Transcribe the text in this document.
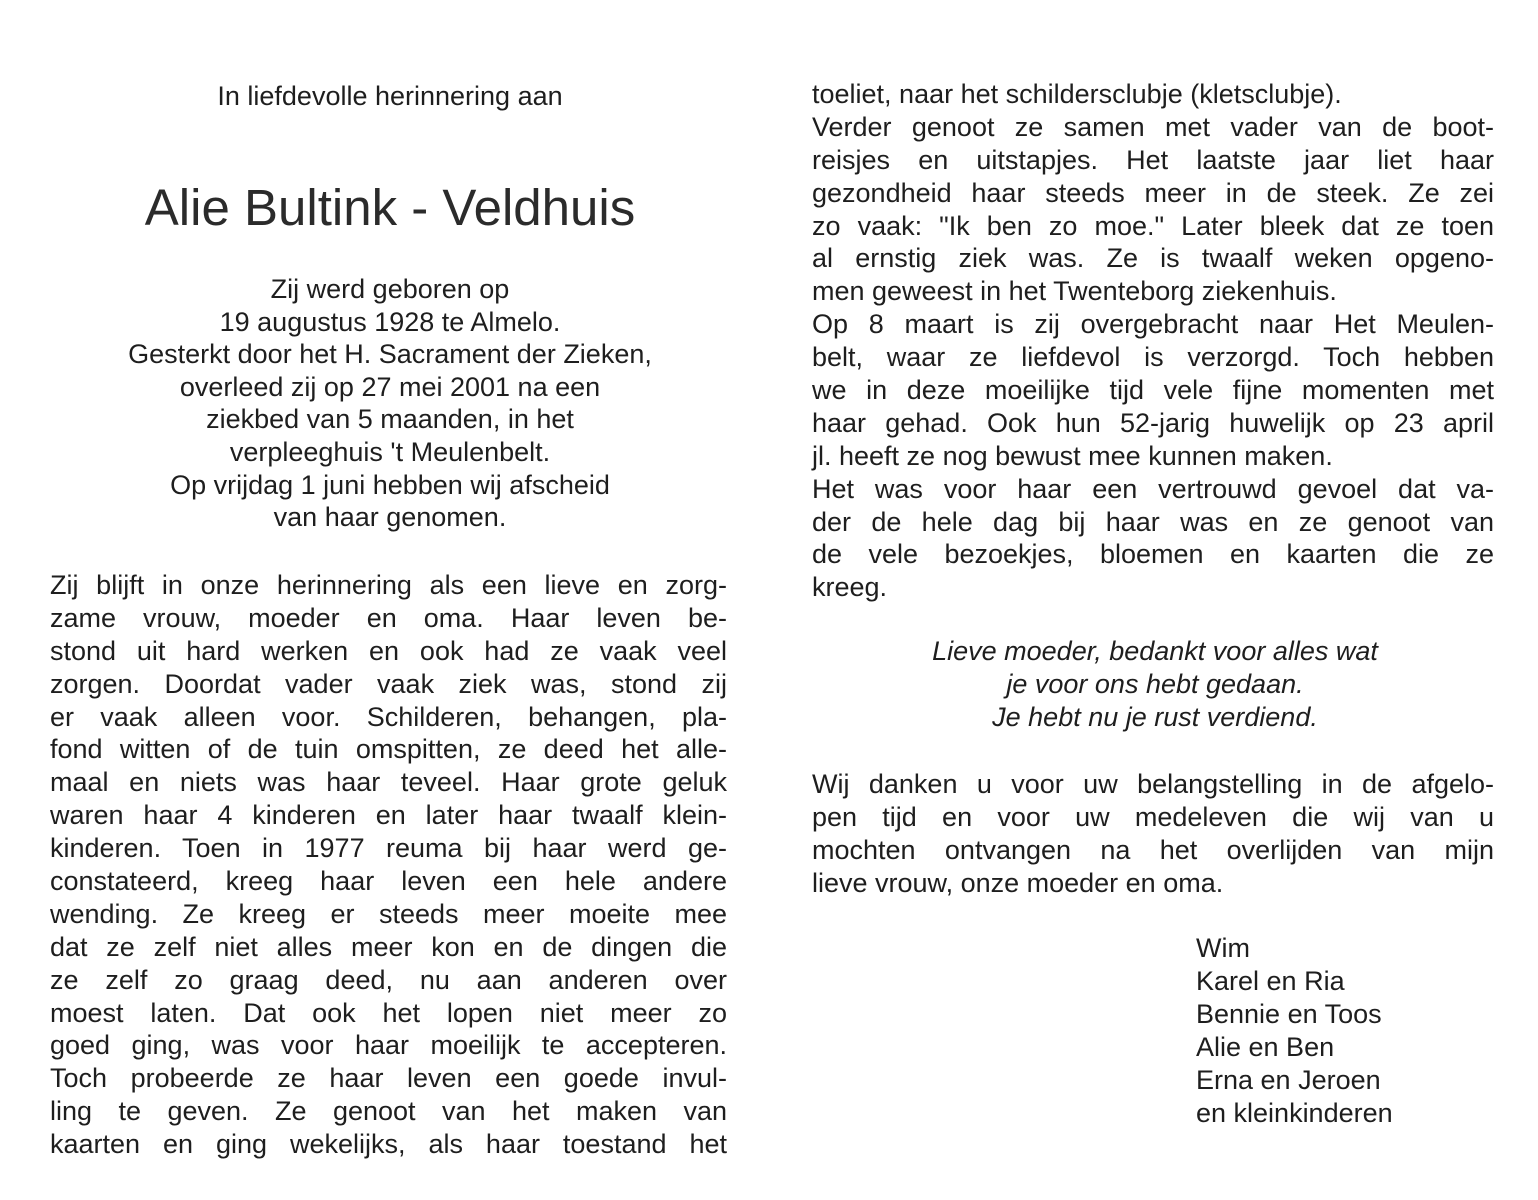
In liefdevolle herinnering aan
Alie Bultink - Veldhuis
Zij werd geboren op
19 augustus 1928 te Almelo.
Gesterkt door het H. Sacrament der Zieken,
overleed zij op 27 mei 2001 na een
ziekbed van 5 maanden, in het
verpleeghuis 't Meulenbelt.
Op vrijdag 1 juni hebben wij afscheid
van haar genomen.
Zij blijft in onze herinnering als een lieve en zorg-
zame vrouw, moeder en oma. Haar leven be-
stond uit hard werken en ook had ze vaak veel
zorgen. Doordat vader vaak ziek was, stond zij
er vaak alleen voor. Schilderen, behangen, pla-
fond witten of de tuin omspitten, ze deed het alle-
maal en niets was haar teveel. Haar grote geluk
waren haar 4 kinderen en later haar twaalf klein-
kinderen. Toen in 1977 reuma bij haar werd ge-
constateerd, kreeg haar leven een hele andere
wending. Ze kreeg er steeds meer moeite mee
dat ze zelf niet alles meer kon en de dingen die
ze zelf zo graag deed, nu aan anderen over
moest laten. Dat ook het lopen niet meer zo
goed ging, was voor haar moeilijk te accepteren.
Toch probeerde ze haar leven een goede invul-
ling te geven. Ze genoot van het maken van
kaarten en ging wekelijks, als haar toestand het
toeliet, naar het schildersclubje (kletsclubje).
Verder genoot ze samen met vader van de boot-
reisjes en uitstapjes. Het laatste jaar liet haar
gezondheid haar steeds meer in de steek. Ze zei
zo vaak: "Ik ben zo moe." Later bleek dat ze toen
al ernstig ziek was. Ze is twaalf weken opgeno-
men geweest in het Twenteborg ziekenhuis.
Op 8 maart is zij overgebracht naar Het Meulen-
belt, waar ze liefdevol is verzorgd. Toch hebben
we in deze moeilijke tijd vele fijne momenten met
haar gehad. Ook hun 52-jarig huwelijk op 23 april
jl. heeft ze nog bewust mee kunnen maken.
Het was voor haar een vertrouwd gevoel dat va-
der de hele dag bij haar was en ze genoot van
de vele bezoekjes, bloemen en kaarten die ze
kreeg.
Lieve moeder, bedankt voor alles wat
je voor ons hebt gedaan.
Je hebt nu je rust verdiend.
Wij danken u voor uw belangstelling in de afgelo-
pen tijd en voor uw medeleven die wij van u
mochten ontvangen na het overlijden van mijn
lieve vrouw, onze moeder en oma.
Wim
Karel en Ria
Bennie en Toos
Alie en Ben
Erna en Jeroen
en kleinkinderen
